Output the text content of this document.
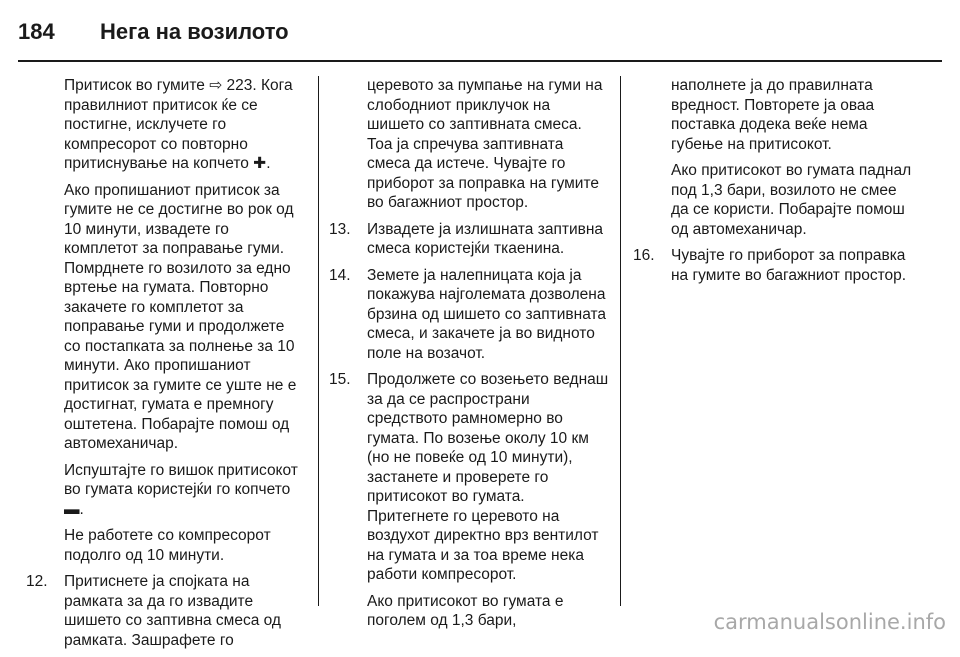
184	Нега на возилото

Притисок во гумите ⇨ 223. Кога правилниот притисок ќе се постигне, исклучете го компресорот со повторно притиснување на копчето ✚.

Ако пропишаниот притисок за гумите не се достигне во рок од 10 минути, извадете го комплетот за поправање гуми. Помрднете го возилото за едно вртење на гумата. Повторно закачете го комплетот за поправање гуми и продолжете со постапката за полнење за 10 минути. Ако пропишаниот притисок за гумите се уште не е достигнат, гумата е премногу оштетена. Побарајте помош од автомеханичар.

Испуштајте го вишок притисокот во гумата користејќи го копчето ▬.

Не работете со компресорот подолго од 10 минути.

12.	Притиснете ја спојката на рамката за да го извадите шишето со заптивна смеса од рамката. Зашрафете го

церевото за пумпање на гуми на слободниот приклучок на шишето со заптивната смеса. Тоа ја спречува заптивната смеса да истече. Чувајте го приборот за поправка на гумите во багажниот простор.

13.	Извадете ја излишната заптивна смеса користејќи ткаенина.
14.	Земете ја налепницата која ја покажува најголемата дозволена брзина од шишето со заптивната смеса, и закачете ја во видното поле на возачот.
15.	Продолжете со возењето веднаш за да се распространи средството рамномерно во гумата. По возење околу 10 км (но не повеќе од 10 минути), застанете и проверете го притисокот во гумата. Притегнете го церевото на воздухот директно врз вентилот на гумата и за тоа време нека работи компресорот.

Ако притисокот во гумата е поголем од 1,3 бари,

наполнете ја до правилната вредност. Повторете ја оваа поставка додека веќе нема губење на притисокот.

Ако притисокот во гумата паднал под 1,3 бари, возилото не смее да се користи. Побарајте помош од автомеханичар.

16.	Чувајте го приборот за поправка на гумите во багажниот простор.
carmanualsonline.info
